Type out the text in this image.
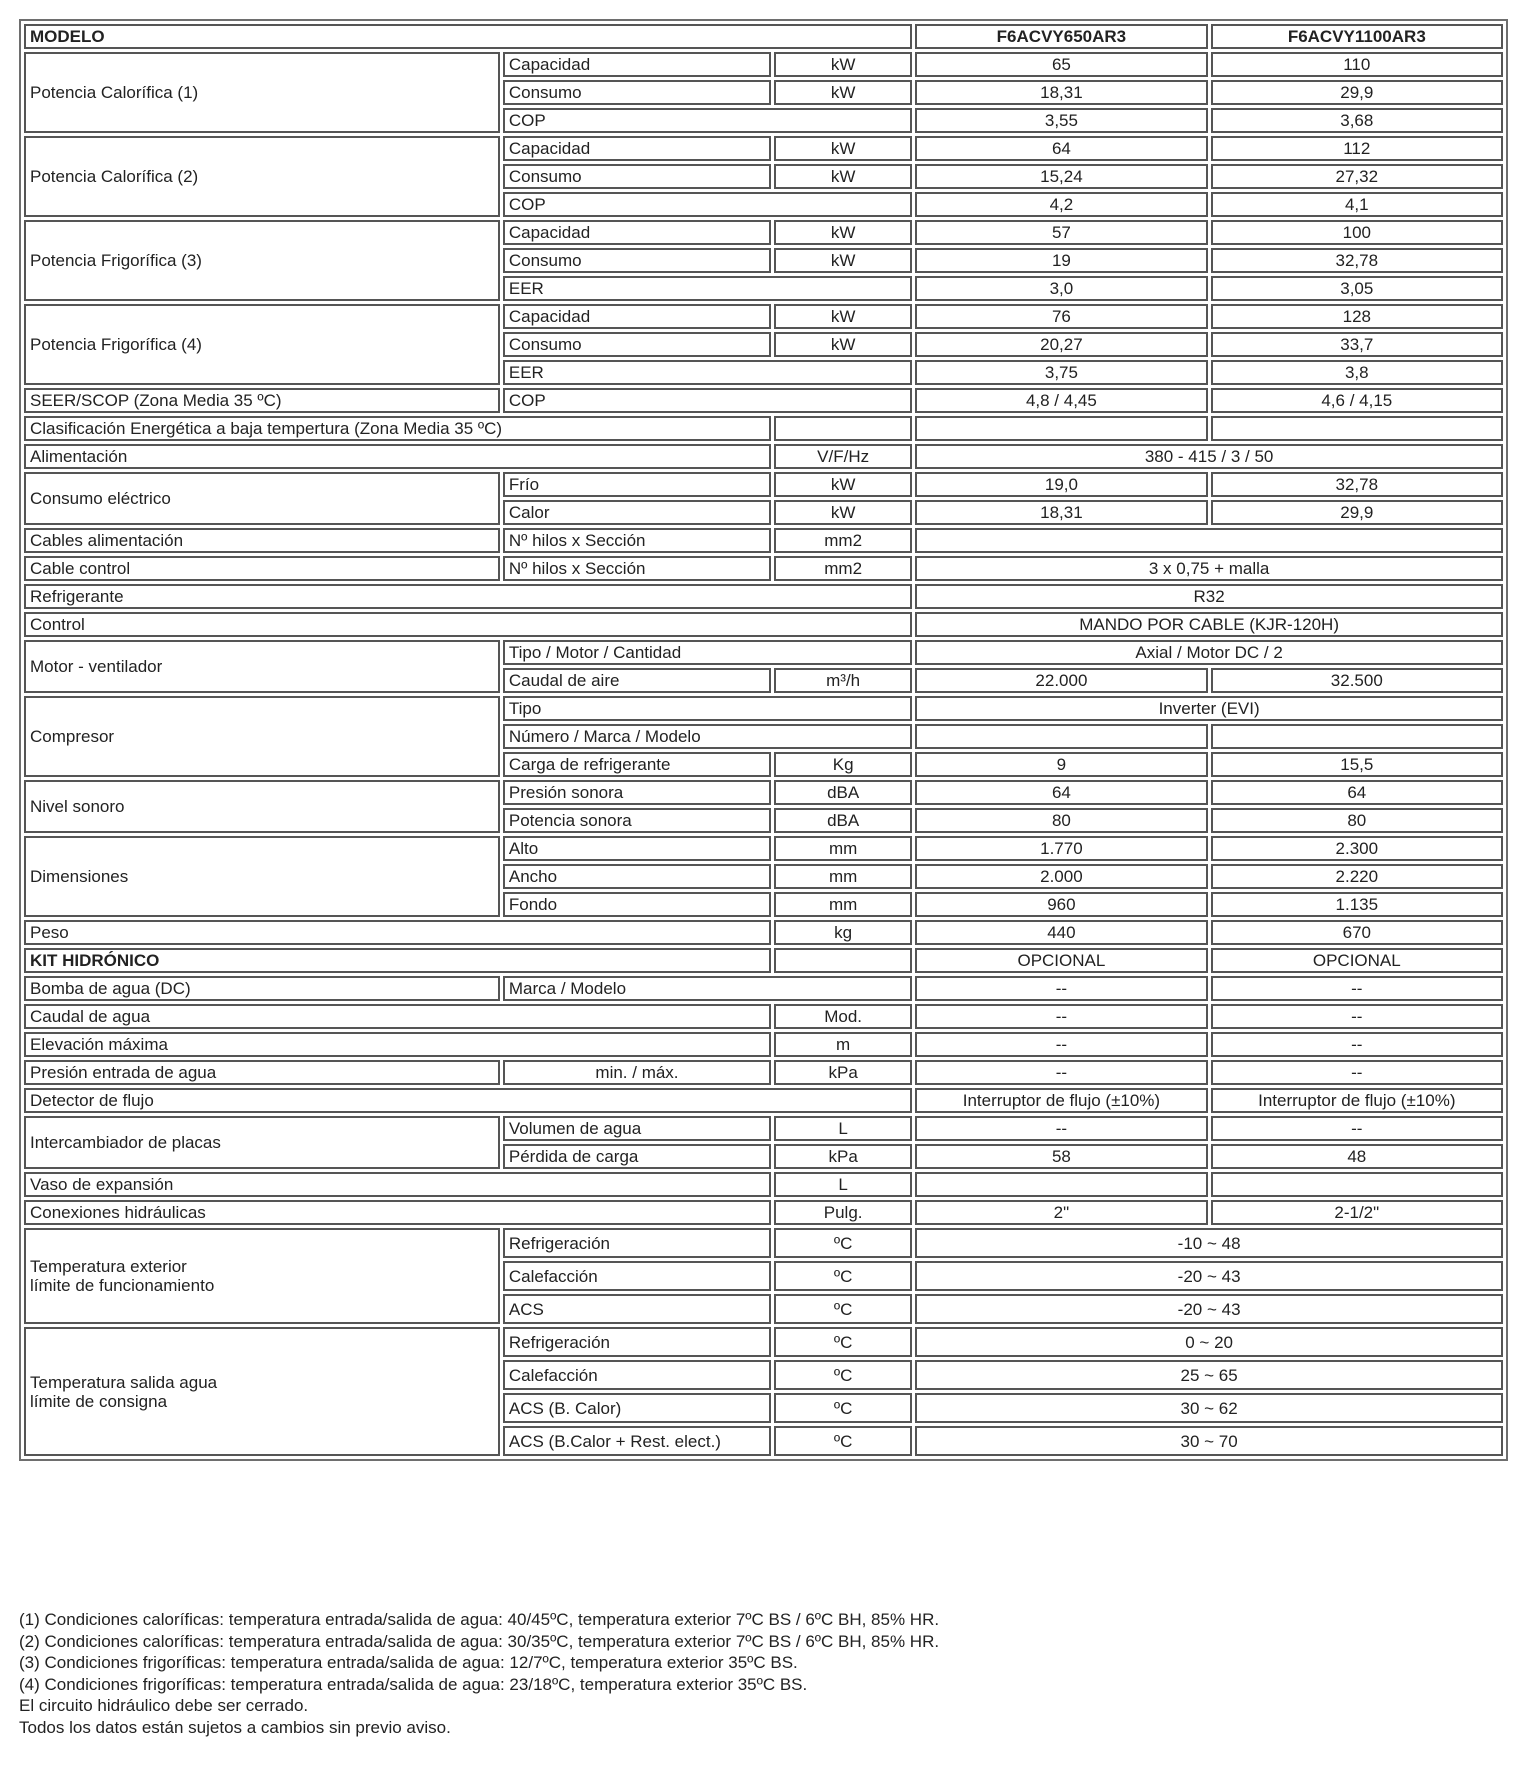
MODELO			F6ACVY650AR3	F6ACVY1100AR3
Potencia Calorífica (1)	Capacidad	kW	65	110
	Consumo	kW	18,31	29,9
	COP		3,55	3,68
Potencia Calorífica (2)	Capacidad	kW	64	112
	Consumo	kW	15,24	27,32
	COP		4,2	4,1
Potencia Frigorífica (3)	Capacidad	kW	57	100
	Consumo	kW	19	32,78
	EER		3,0	3,05
Potencia Frigorífica (4)	Capacidad	kW	76	128
	Consumo	kW	20,27	33,7
	EER		3,75	3,8
SEER/SCOP (Zona Media 35 ºC)	COP		4,8 / 4,45	4,6 / 4,15
Clasificación Energética a baja tempertura (Zona Media 35 ºC)				
Alimentación		V/F/Hz	380 - 415 / 3 / 50	
Consumo eléctrico	Frío	kW	19,0	32,78
	Calor	kW	18,31	29,9
Cables alimentación	Nº hilos x Sección	mm2		
Cable control	Nº hilos x Sección	mm2	3 x 0,75 + malla	
Refrigerante			R32	
Control			MANDO POR CABLE (KJR-120H)	
Motor - ventilador	Tipo / Motor / Cantidad		Axial / Motor DC / 2	
	Caudal de aire	m³/h	22.000	32.500
Compresor	Tipo		Inverter (EVI)	
	Número / Marca / Modelo			
	Carga de refrigerante	Kg	9	15,5
Nivel sonoro	Presión sonora	dBA	64	64
	Potencia sonora	dBA	80	80
Dimensiones	Alto	mm	1.770	2.300
	Ancho	mm	2.000	2.220
	Fondo	mm	960	1.135
Peso		kg	440	670
KIT HIDRÓNICO			OPCIONAL	OPCIONAL
Bomba de agua (DC)	Marca / Modelo		--	--
Caudal de agua		Mod.	--	--
Elevación máxima		m	--	--
Presión entrada de agua	min. / máx.	kPa	--	--
Detector de flujo			Interruptor de flujo (±10%)	Interruptor de flujo (±10%)
Intercambiador de placas	Volumen de agua	L	--	--
	Pérdida de carga	kPa	58	48
Vaso de expansión		L		
Conexiones hidráulicas		Pulg.	2"	2-1/2"

Temperatura exterior
límite de funcionamiento	Refrigeración	ºC	-10 ~ 48	
	Calefacción	ºC	-20 ~ 43	
	ACS	ºC	-20 ~ 43	

Temperatura salida agua
límite de consigna	Refrigeración	ºC	0 ~ 20	
	Calefacción	ºC	25 ~ 65	
	ACS (B. Calor)	ºC	30 ~ 62	
	ACS (B.Calor + Rest. elect.)	ºC	30 ~ 70	
(1) Condiciones caloríficas: temperatura entrada/salida de agua: 40/45ºC, temperatura exterior 7ºC BS / 6ºC BH, 85% HR.
(2) Condiciones caloríficas: temperatura entrada/salida de agua: 30/35ºC, temperatura exterior 7ºC BS / 6ºC BH, 85% HR.
(3) Condiciones frigoríficas: temperatura entrada/salida de agua: 12/7ºC, temperatura exterior 35ºC BS.
(4) Condiciones frigoríficas: temperatura entrada/salida de agua: 23/18ºC, temperatura exterior 35ºC BS.
El circuito hidráulico debe ser cerrado.
Todos los datos están sujetos a cambios sin previo aviso.
